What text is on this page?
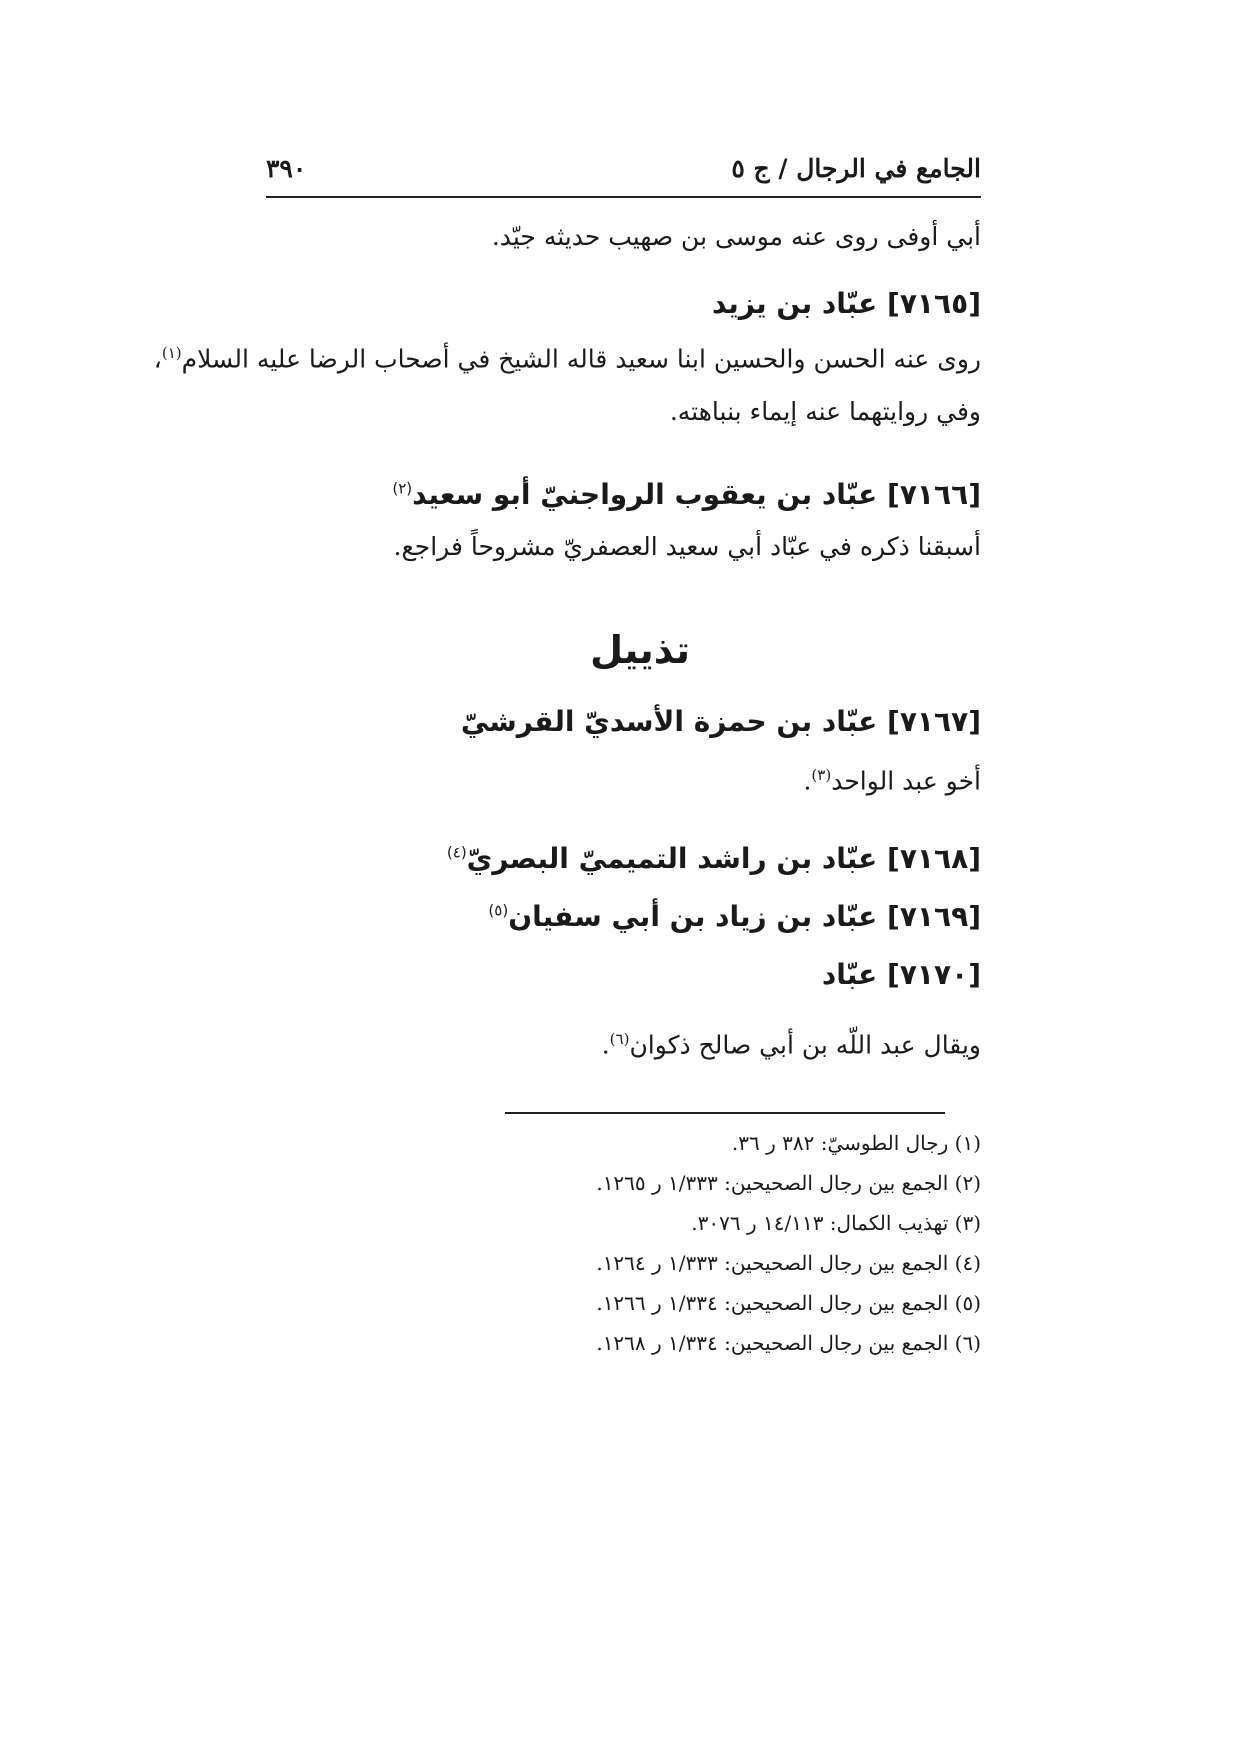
الجامع في الرجال / ج ٥
٣٩٠

أبي أوفى روى عنه موسى بن صهيب حديثه جيّد.

[٧١٦٥] عبّاد بن يزيد

روى عنه الحسن والحسين ابنا سعيد قاله الشيخ في أصحاب الرضا عليه السلام$^{(١)}$،

وفي روايتهما عنه إيماء بنباهته.

[٧١٦٦] عبّاد بن يعقوب الرواجنيّ أبو سعيد$^{(٢)}$

أسبقنا ذكره في عبّاد أبي سعيد العصفريّ مشروحاً فراجع.

تذييل

[٧١٦٧] عبّاد بن حمزة الأسديّ القرشيّ

أخو عبد الواحد$^{(٣)}$.

[٧١٦٨] عبّاد بن راشد التميميّ البصريّ$^{(٤)}$

[٧١٦٩] عبّاد بن زياد بن أبي سفيان$^{(٥)}$

[٧١٧٠] عبّاد

ويقال عبد اللّه بن أبي صالح ذكوان$^{(٦)}$.

(١) رجال الطوسيّ: ٣٨٢ ر ٣٦.
(٢) الجمع بين رجال الصحيحين: ١/٣٣٣ ر ١٢٦٥.
(٣) تهذيب الكمال: ١٤/١١٣ ر ٣٠٧٦.
(٤) الجمع بين رجال الصحيحين: ١/٣٣٣ ر ١٢٦٤.
(٥) الجمع بين رجال الصحيحين: ١/٣٣٤ ر ١٢٦٦.
(٦) الجمع بين رجال الصحيحين: ١/٣٣٤ ر ١٢٦٨.
